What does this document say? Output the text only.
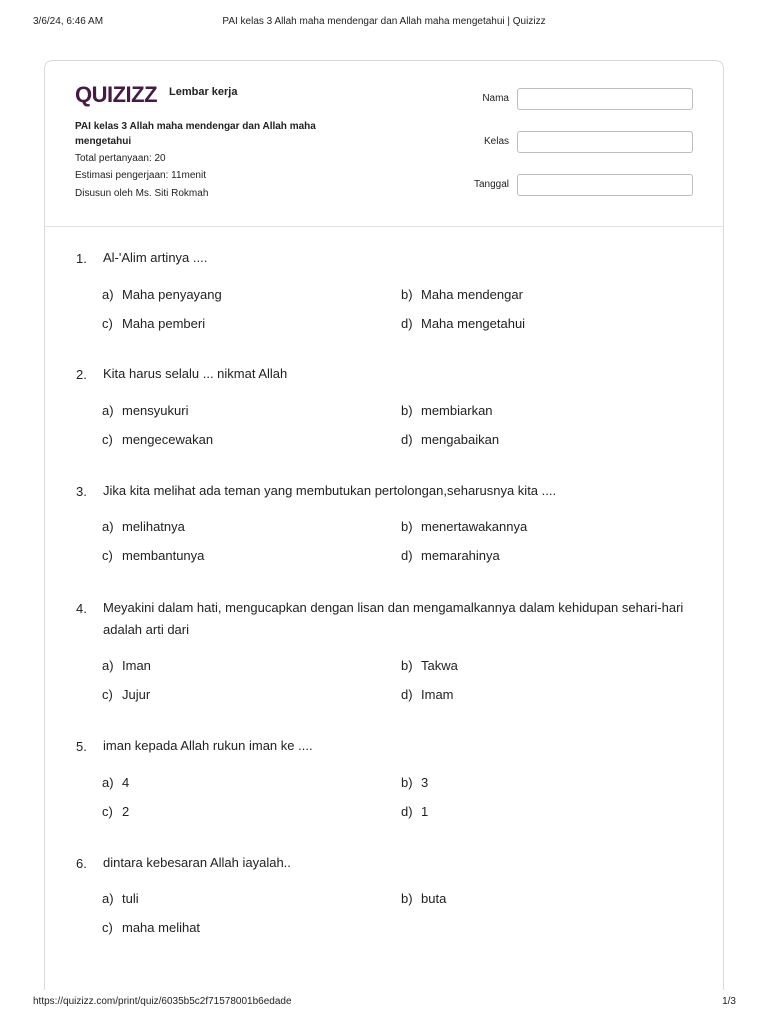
3/6/24, 6:46 AM	PAI kelas 3 Allah maha mendengar dan Allah maha mengetahui | Quizizz
QUIZIZZ Lembar kerja
PAI kelas 3 Allah maha mendengar dan Allah maha mengetahui
Total pertanyaan: 20
Estimasi pengerjaan: 11menit
Disusun oleh Ms. Siti Rokmah
Nama
Kelas
Tanggal
1. Al-'Alim artinya ....
a) Maha penyayang	b) Maha mendengar
c) Maha pemberi	d) Maha mengetahui
2. Kita harus selalu ... nikmat Allah
a) mensyukuri	b) membiarkan
c) mengecewakan	d) mengabaikan
3. Jika kita melihat ada teman yang membutukan pertolongan,seharusnya kita ....
a) melihatnya	b) menertawakannya
c) membantunya	d) memarahinya
4. Meyakini dalam hati, mengucapkan dengan lisan dan mengamalkannya dalam kehidupan sehari-hari adalah arti dari
a) Iman	b) Takwa
c) Jujur	d) Imam
5. iman kepada Allah rukun iman ke ....
a) 4	b) 3
c) 2	d) 1
6. dintara kebesaran Allah iayalah..
a) tuli	b) buta
c) maha melihat
https://quizizz.com/print/quiz/6035b5c2f71578001b6edade	1/3
